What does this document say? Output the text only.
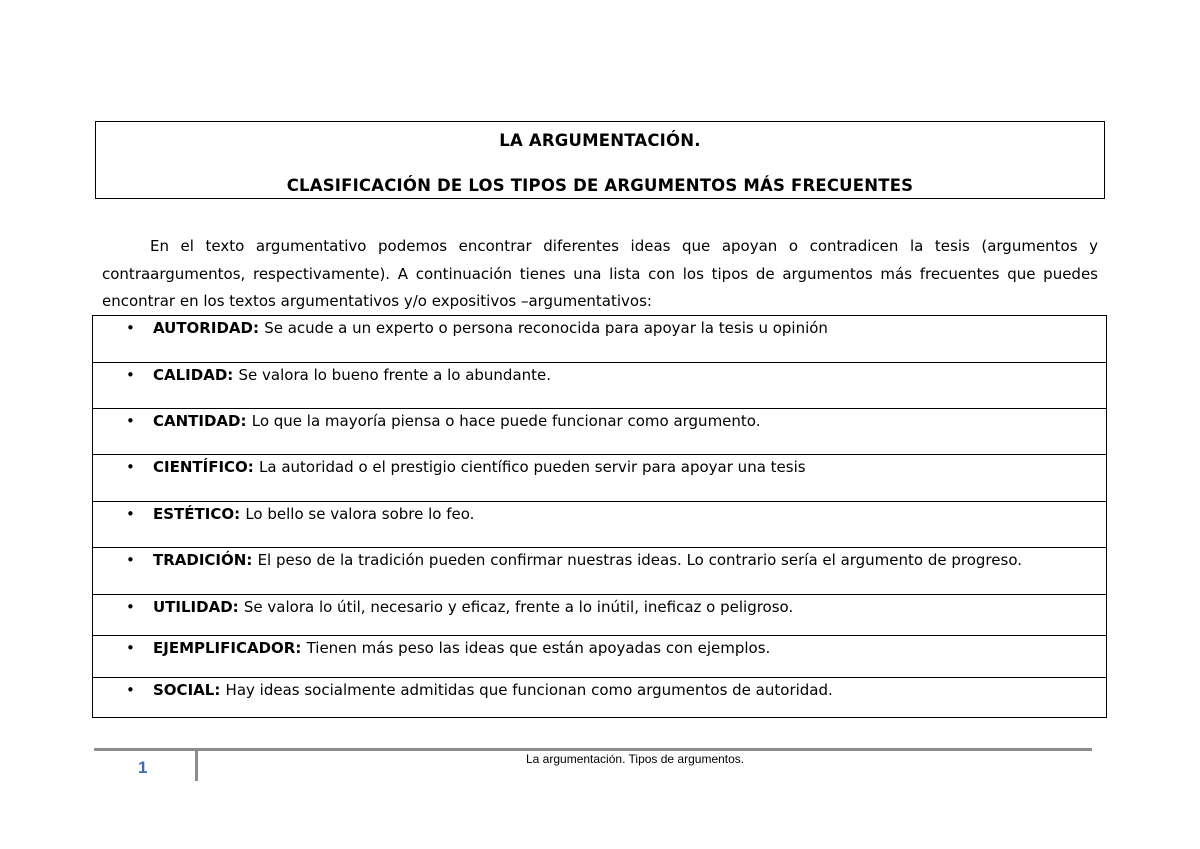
LA ARGUMENTACIÓN.
CLASIFICACIÓN DE LOS TIPOS DE ARGUMENTOS MÁS FRECUENTES

En el texto argumentativo podemos encontrar diferentes ideas que apoyan o contradicen la tesis (argumentos y contraargumentos, respectivamente). A continuación tienes una lista con los tipos de argumentos más frecuentes que puedes encontrar en los textos argumentativos y/o expositivos –argumentativos:

• AUTORIDAD: Se acude a un experto o persona reconocida para apoyar la tesis u opinión
• CALIDAD: Se valora lo bueno frente a lo abundante.
• CANTIDAD: Lo que la mayoría piensa o hace puede funcionar como argumento.
• CIENTÍFICO: La autoridad o el prestigio científico pueden servir para apoyar una tesis
• ESTÉTICO: Lo bello se valora sobre lo feo.
• TRADICIÓN: El peso de la tradición pueden confirmar nuestras ideas. Lo contrario sería el argumento de progreso.
• UTILIDAD: Se valora lo útil, necesario y eficaz, frente a lo inútil, ineficaz o peligroso.
• EJEMPLIFICADOR: Tienen más peso las ideas que están apoyadas con ejemplos.
• SOCIAL: Hay ideas socialmente admitidas que funcionan como argumentos de autoridad.
1	La argumentación. Tipos de argumentos.
